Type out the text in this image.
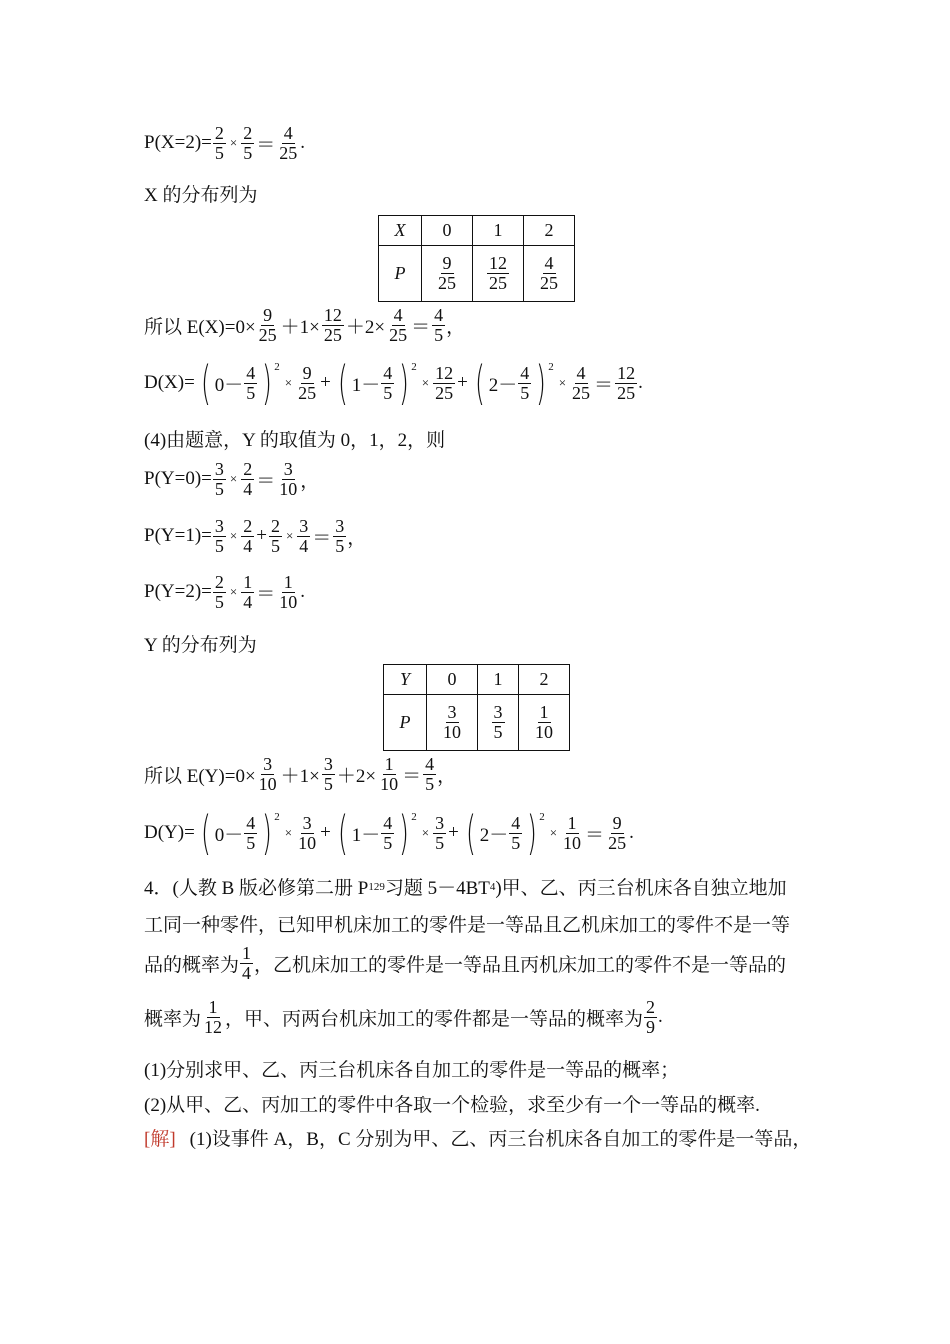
$P(X=2)= \frac{2}{5} \times \frac{2}{5} = \frac{4}{25}$ .
X 的分布列为
X	0	1	2
P	$\frac{9}{25}$	$\frac{12}{25}$	$\frac{4}{25}$
所以 $E(X)=0\times \frac{9}{25} +1\times \frac{12}{25} +2\times \frac{4}{25} = \frac{4}{5}$ ，
D(X)= ( $0- \frac{4}{5}$ ) 2
× $\frac{9}{25}$ + ( $1- \frac{4}{5}$ ) 2
× $\frac{12}{25}$ + ( $2- \frac{4}{5}$ ) 2
× $\frac{4}{25} = \frac{12}{25}$ .
(4)由题意，Y 的取值为 0，1，2，则
$P(Y=0)= \frac{3}{5} \times \frac{2}{4} = \frac{3}{10}$ ，
$P(Y=1)= \frac{3}{5} \times \frac{2}{4} + \frac{2}{5} \times \frac{3}{4} = \frac{3}{5}$ ，
$P(Y=2)= \frac{2}{5} \times \frac{1}{4} = \frac{1}{10}$ .
Y 的分布列为
Y	0	1	2
P	$\frac{3}{10}$	$\frac{3}{5}$	$\frac{1}{10}$
所以 $E(Y)=0\times \frac{3}{10} +1\times \frac{3}{5} +2\times \frac{1}{10} = \frac{4}{5}$ ，
D(Y)= ( $0- \frac{4}{5}$ ) 2
× $\frac{3}{10}$ + ( $1- \frac{4}{5}$ ) 2
× $\frac{3}{5}$ + ( $2- \frac{4}{5}$ ) 2
× $\frac{1}{10} = \frac{9}{25}$ .
4．(人教 B 版必修第二册 P 129 习题 5－4BT 4 )甲、乙、丙三台机床各自独立地加
工同一种零件，已知甲机床加工的零件是一等品且乙机床加工的零件不是一等
品的概率为 $\frac{1}{4}$ ，乙机床加工的零件是一等品且丙机床加工的零件不是一等品的
概率为 $\frac{1}{12}$ ，甲、丙两台机床加工的零件都是一等品的概率为 $\frac{2}{9}$ .
(1)分别求甲、乙、丙三台机床各自加工的零件是一等品的概率；
(2)从甲、乙、丙加工的零件中各取一个检验，求至少有一个一等品的概率.
[解] (1)设事件 A，B，C 分别为甲、乙、丙三台机床各自加工的零件是一等品，
